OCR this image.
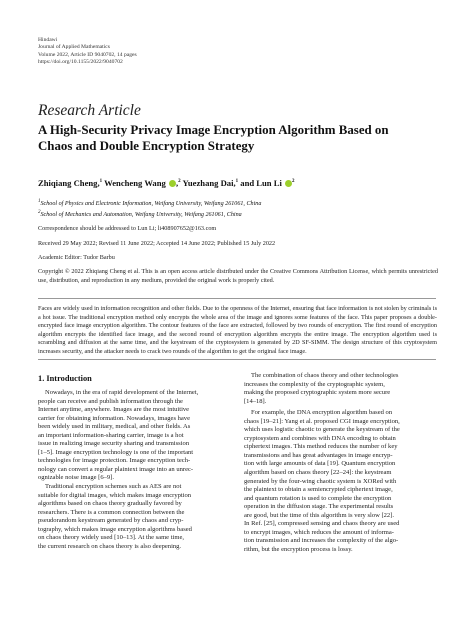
Hindawi
Journal of Applied Mathematics
Volume 2022, Article ID 9040702, 14 pages
https://doi.org/10.1155/2022/9040702
Research Article
A High-Security Privacy Image Encryption Algorithm Based on
Chaos and Double Encryption Strategy
Zhiqiang Cheng,$^1$ Wencheng Wang ,$^2$ Yuezhang Dai,$^1$ and Lun Li $^2$
$^1$School of Physics and Electronic Information, Weifang University, Weifang 261061, China
$^2$School of Mechanics and Automation, Weifang University, Weifang 261061, China
Correspondence should be addressed to Lun Li; li408907652@163.com
Received 29 May 2022; Revised 11 June 2022; Accepted 14 June 2022; Published 15 July 2022
Academic Editor: Tudor Barbu
Copyright © 2022 Zhiqiang Cheng et al. This is an open access article distributed under the Creative Commons Attribution License, which permits unrestricted use, distribution, and reproduction in any medium, provided the original work is properly cited.
Faces are widely used in information recognition and other fields. Due to the openness of the Internet, ensuring that face information is not stolen by criminals is a hot issue. The traditional encryption method only encrypts the whole area of the image and ignores some features of the face. This paper proposes a double-encrypted face image encryption algorithm. The contour features of the face are extracted, followed by two rounds of encryption. The first round of encryption algorithm encrypts the identified face image, and the second round of encryption algorithm encrypts the entire image. The encryption algorithm used is scrambling and diffusion at the same time, and the keystream of the cryptosystem is generated by 2D SF-SIMM. The design structure of this cryptosystem increases security, and the attacker needs to crack two rounds of the algorithm to get the original face image.
1. Introduction
Nowadays, in the era of rapid development of the Internet,
people can receive and publish information through the
Internet anytime, anywhere. Images are the most intuitive
carrier for obtaining information. Nowadays, images have
been widely used in military, medical, and other fields. As
an important information-sharing carrier, image is a hot
issue in realizing image security sharing and transmission
[1–5]. Image encryption technology is one of the important
technologies for image protection. Image encryption tech-
nology can convert a regular plaintext image into an unrec-
ognizable noise image [6–9].
Traditional encryption schemes such as AES are not
suitable for digital images, which makes image encryption
algorithms based on chaos theory gradually favored by
researchers. There is a common connection between the
pseudorandom keystream generated by chaos and cryp-
tography, which makes image encryption algorithms based
on chaos theory widely used [10–13]. At the same time,
the current research on chaos theory is also deepening.
The combination of chaos theory and other technologies
increases the complexity of the cryptographic system,
making the proposed cryptographic system more secure
[14–18].
For example, the DNA encryption algorithm based on
chaos [19–21]: Yang et al. proposed CGI image encryption,
which uses logistic chaotic to generate the keystream of the
cryptosystem and combines with DNA encoding to obtain
ciphertext images. This method reduces the number of key
transmissions and has great advantages in image encryp-
tion with large amounts of data [19]. Quantum encryption
algorithm based on chaos theory [22–24]: the keystream
generated by the four-wing chaotic system is XORed with
the plaintext to obtain a semiencrypted ciphertext image,
and quantum rotation is used to complete the encryption
operation in the diffusion stage. The experimental results
are good, but the time of this algorithm is very slow [22].
In Ref. [25], compressed sensing and chaos theory are used
to encrypt images, which reduces the amount of informa-
tion transmission and increases the complexity of the algo-
rithm, but the encryption process is lossy.
